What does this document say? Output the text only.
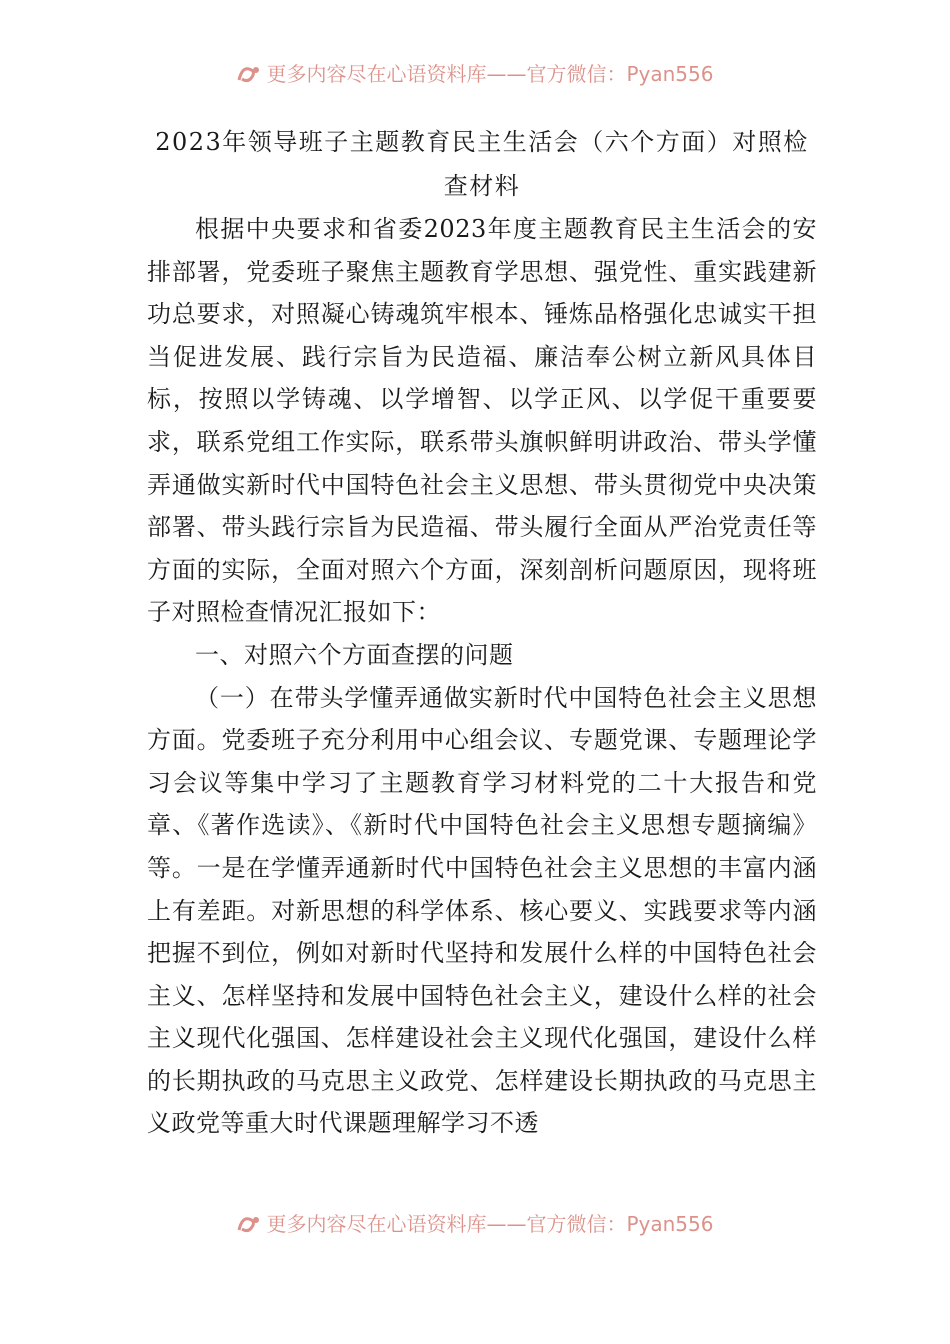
更多内容尽在心语资料库——官方微信：Pyan556
2023年领导班子主题教育民主生活会（六个方面）对照检查材料

根据中央要求和省委2023年度主题教育民主生活会的安排部署，党委班子聚焦主题教育学思想、强党性、重实践建新功总要求，对照凝心铸魂筑牢根本、锤炼品格强化忠诚实干担当促进发展、践行宗旨为民造福、廉洁奉公树立新风具体目标，按照以学铸魂、以学增智、以学正风、以学促干重要要求，联系党组工作实际，联系带头旗帜鲜明讲政治、带头学懂弄通做实新时代中国特色社会主义思想、带头贯彻党中央决策部署、带头践行宗旨为民造福、带头履行全面从严治党责任等方面的实际，全面对照六个方面，深刻剖析问题原因，现将班子对照检查情况汇报如下：

一、对照六个方面查摆的问题

（一）在带头学懂弄通做实新时代中国特色社会主义思想方面。党委班子充分利用中心组会议、专题党课、专题理论学习会议等集中学习了主题教育学习材料党的二十大报告和党章、《著作选读》、《新时代中国特色社会主义思想专题摘编》等。一是在学懂弄通新时代中国特色社会主义思想的丰富内涵上有差距。对新思想的科学体系、核心要义、实践要求等内涵把握不到位，例如对新时代坚持和发展什么样的中国特色社会主义、怎样坚持和发展中国特色社会主义，建设什么样的社会主义现代化强国、怎样建设社会主义现代化强国，建设什么样的长期执政的马克思主义政党、怎样建设长期执政的马克思主义政党等重大时代课题理解学习不透

更多内容尽在心语资料库——官方微信：Pyan556
